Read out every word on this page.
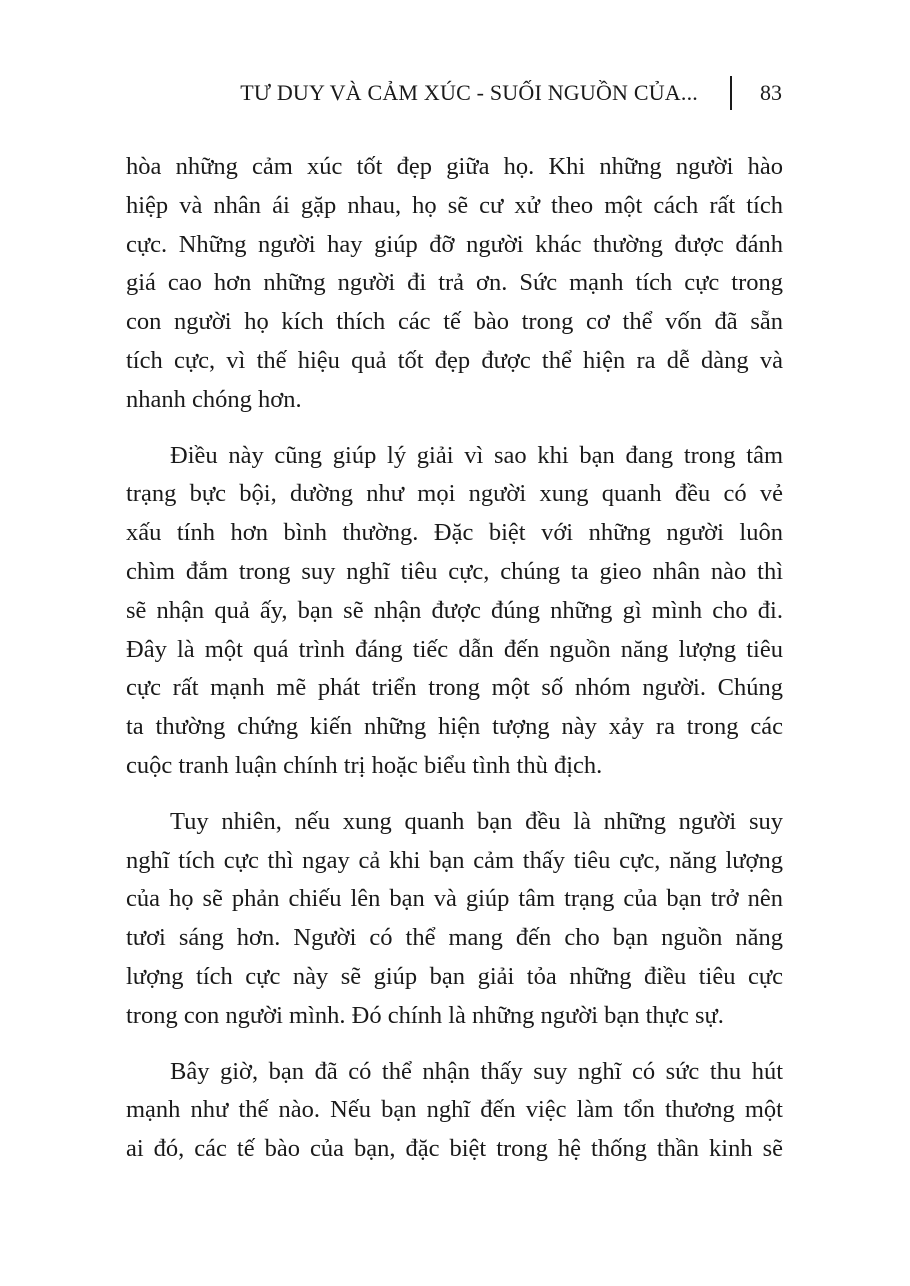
TƯ DUY VÀ CẢM XÚC - SUỐI NGUỒN CỦA...	83

hòa những cảm xúc tốt đẹp giữa họ. Khi những người hào
hiệp và nhân ái gặp nhau, họ sẽ cư xử theo một cách rất tích
cực. Những người hay giúp đỡ người khác thường được đánh
giá cao hơn những người đi trả ơn. Sức mạnh tích cực trong
con người họ kích thích các tế bào trong cơ thể vốn đã sẵn
tích cực, vì thế hiệu quả tốt đẹp được thể hiện ra dễ dàng và
nhanh chóng hơn.

Điều này cũng giúp lý giải vì sao khi bạn đang trong tâm
trạng bực bội, dường như mọi người xung quanh đều có vẻ
xấu tính hơn bình thường. Đặc biệt với những người luôn
chìm đắm trong suy nghĩ tiêu cực, chúng ta gieo nhân nào thì
sẽ nhận quả ấy, bạn sẽ nhận được đúng những gì mình cho đi.
Đây là một quá trình đáng tiếc dẫn đến nguồn năng lượng tiêu
cực rất mạnh mẽ phát triển trong một số nhóm người. Chúng
ta thường chứng kiến những hiện tượng này xảy ra trong các
cuộc tranh luận chính trị hoặc biểu tình thù địch.

Tuy nhiên, nếu xung quanh bạn đều là những người suy
nghĩ tích cực thì ngay cả khi bạn cảm thấy tiêu cực, năng lượng
của họ sẽ phản chiếu lên bạn và giúp tâm trạng của bạn trở nên
tươi sáng hơn. Người có thể mang đến cho bạn nguồn năng
lượng tích cực này sẽ giúp bạn giải tỏa những điều tiêu cực
trong con người mình. Đó chính là những người bạn thực sự.

Bây giờ, bạn đã có thể nhận thấy suy nghĩ có sức thu hút
mạnh như thế nào. Nếu bạn nghĩ đến việc làm tổn thương một
ai đó, các tế bào của bạn, đặc biệt trong hệ thống thần kinh sẽ
